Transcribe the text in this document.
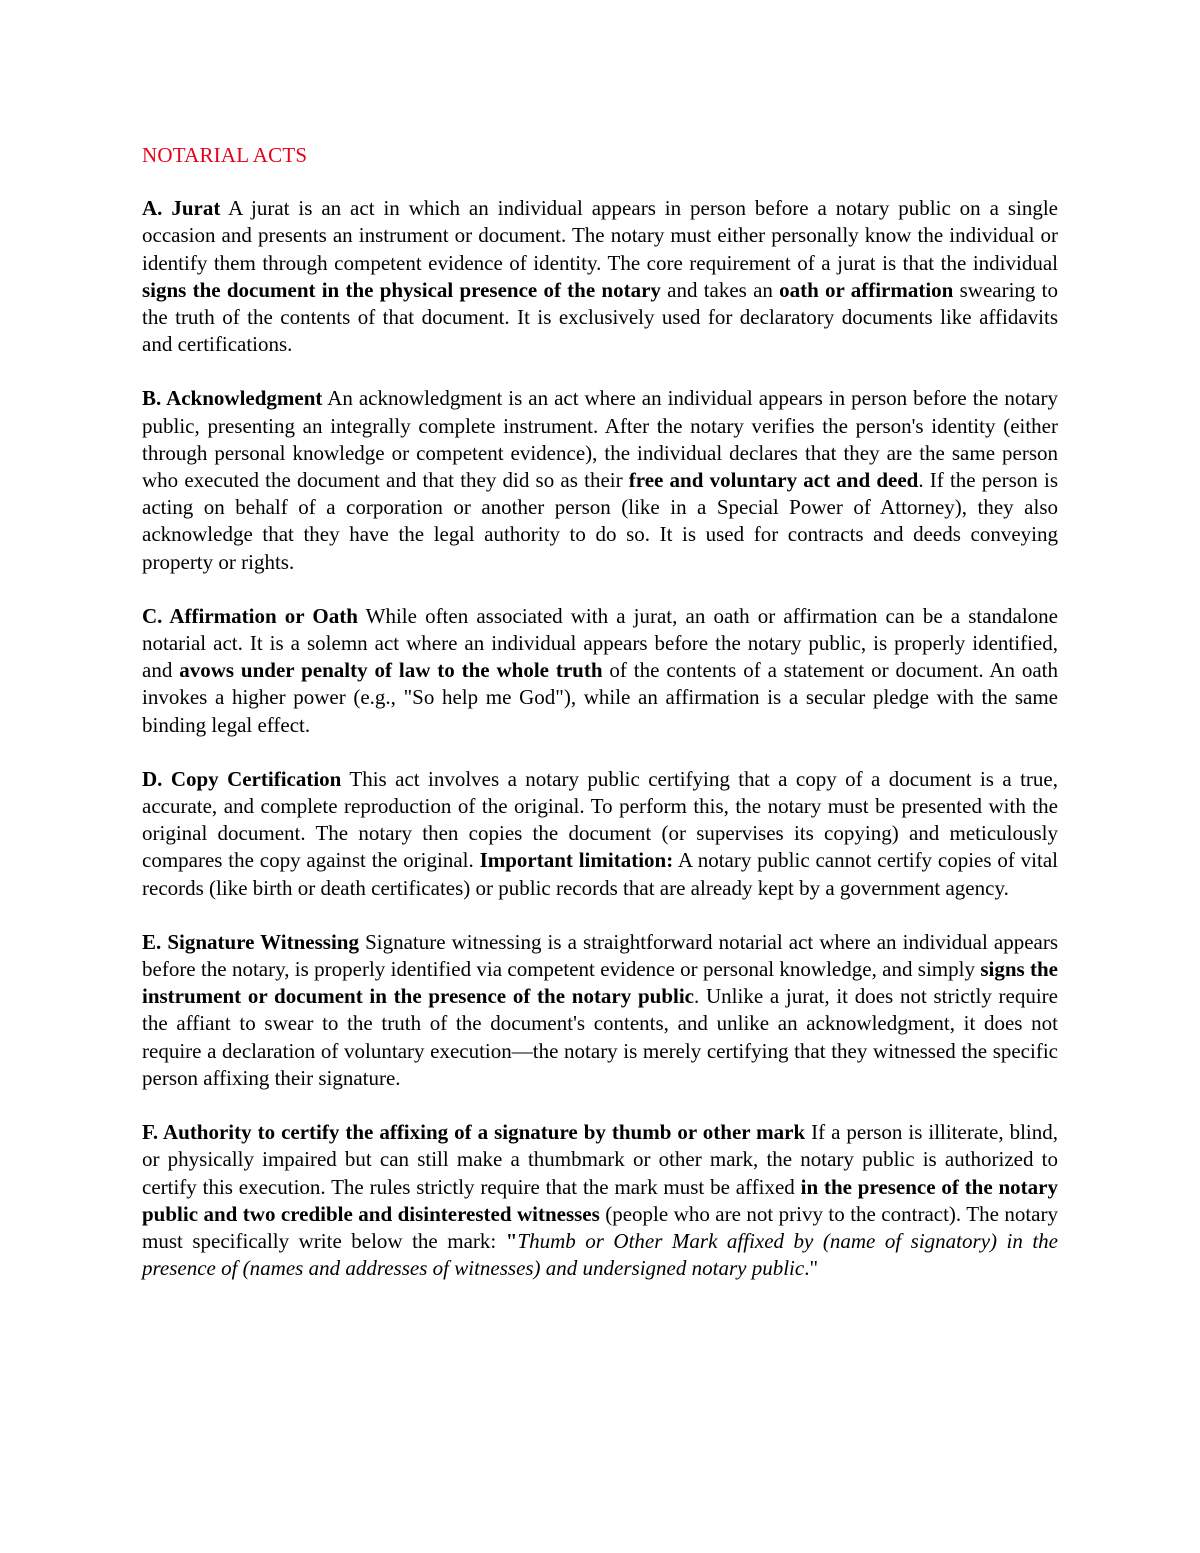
NOTARIAL ACTS

A. Jurat A jurat is an act in which an individual appears in person before a notary public on a single occasion and presents an instrument or document. The notary must either personally know the individual or identify them through competent evidence of identity. The core requirement of a jurat is that the individual signs the document in the physical presence of the notary and takes an oath or affirmation swearing to the truth of the contents of that document. It is exclusively used for declaratory documents like affidavits and certifications.

B. Acknowledgment An acknowledgment is an act where an individual appears in person before the notary public, presenting an integrally complete instrument. After the notary verifies the person's identity (either through personal knowledge or competent evidence), the individual declares that they are the same person who executed the document and that they did so as their free and voluntary act and deed. If the person is acting on behalf of a corporation or another person (like in a Special Power of Attorney), they also acknowledge that they have the legal authority to do so. It is used for contracts and deeds conveying property or rights.

C. Affirmation or Oath While often associated with a jurat, an oath or affirmation can be a standalone notarial act. It is a solemn act where an individual appears before the notary public, is properly identified, and avows under penalty of law to the whole truth of the contents of a statement or document. An oath invokes a higher power (e.g., "So help me God"), while an affirmation is a secular pledge with the same binding legal effect.

D. Copy Certification This act involves a notary public certifying that a copy of a document is a true, accurate, and complete reproduction of the original. To perform this, the notary must be presented with the original document. The notary then copies the document (or supervises its copying) and meticulously compares the copy against the original. Important limitation: A notary public cannot certify copies of vital records (like birth or death certificates) or public records that are already kept by a government agency.

E. Signature Witnessing Signature witnessing is a straightforward notarial act where an individual appears before the notary, is properly identified via competent evidence or personal knowledge, and simply signs the instrument or document in the presence of the notary public. Unlike a jurat, it does not strictly require the affiant to swear to the truth of the document's contents, and unlike an acknowledgment, it does not require a declaration of voluntary execution—the notary is merely certifying that they witnessed the specific person affixing their signature.

F. Authority to certify the affixing of a signature by thumb or other mark If a person is illiterate, blind, or physically impaired but can still make a thumbmark or other mark, the notary public is authorized to certify this execution. The rules strictly require that the mark must be affixed in the presence of the notary public and two credible and disinterested witnesses (people who are not privy to the contract). The notary must specifically write below the mark: "Thumb or Other Mark affixed by (name of signatory) in the presence of (names and addresses of witnesses) and undersigned notary public."
